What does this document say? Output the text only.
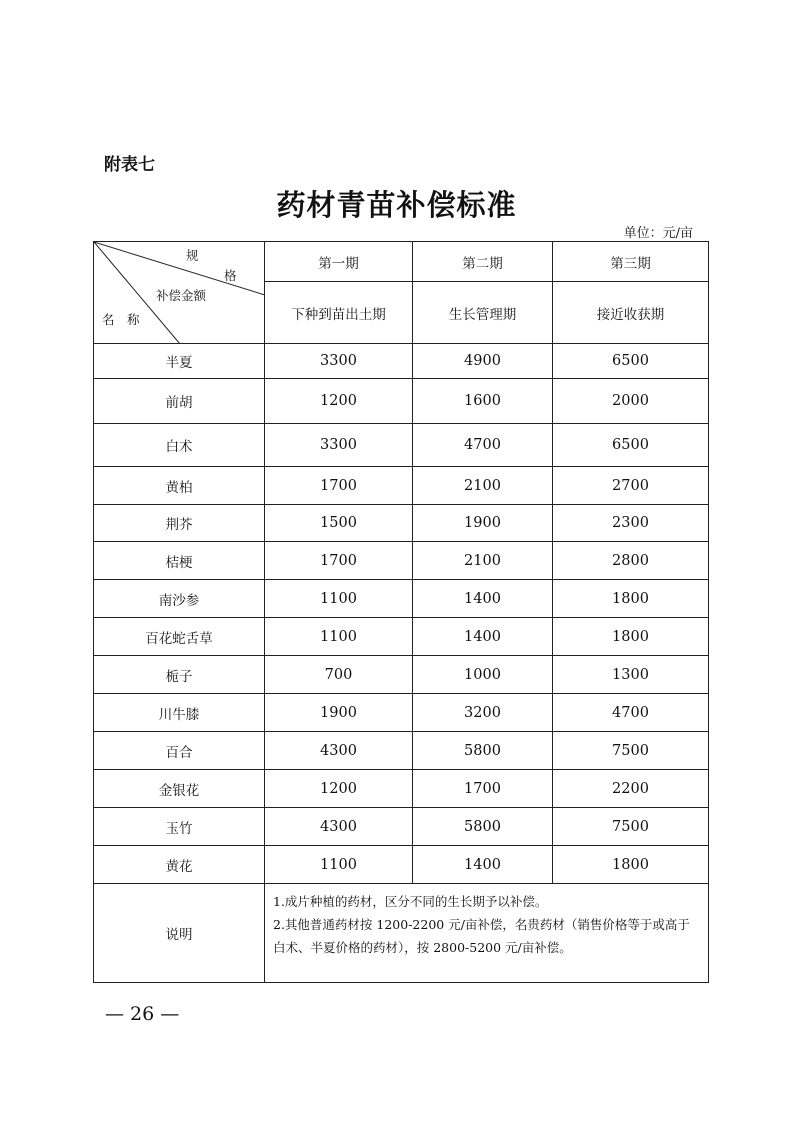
附表七
药材青苗补偿标准
单位：元/亩
规
格
补偿金额
名　称	第一期	第二期	第三期
	下种到苗出土期	生长管理期	接近收获期
半夏	3300	4900	6500
前胡	1200	1600	2000
白术	3300	4700	6500
黄柏	1700	2100	2700
荆芥	1500	1900	2300
桔梗	1700	2100	2800
南沙参	1100	1400	1800
百花蛇舌草	1100	1400	1800
栀子	700	1000	1300
川牛膝	1900	3200	4700
百合	4300	5800	7500
金银花	1200	1700	2200
玉竹	4300	5800	7500
黄花	1100	1400	1800
说明	1.成片种植的药材，区分不同的生长期予以补偿。
2.其他普通药材按 1200-2200 元/亩补偿，名贵药材（销售价格等于或高于白术、半夏价格的药材），按 2800-5200 元/亩补偿。		
— 26 —
